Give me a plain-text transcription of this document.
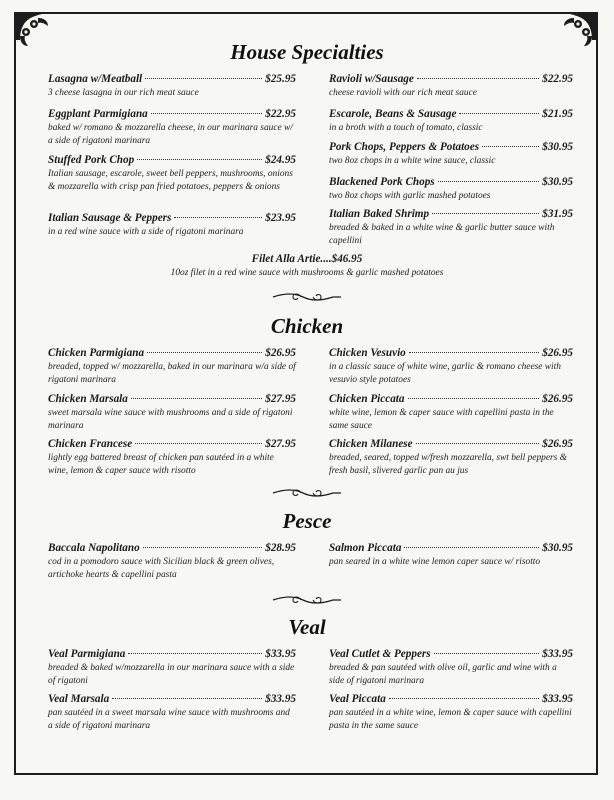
House Specialties
Lasagna w/Meatball	$25.95
3 cheese lasagna in our rich meat sauce
Eggplant Parmigiana	$22.95
baked w/ romano & mozzarella cheese, in our marinara sauce w/ a side of rigatoni marinara
Stuffed Pork Chop	$24.95
Italian sausage, escarole, sweet bell peppers, mushrooms, onions & mozzarella with crisp pan fried potatoes, peppers & onions
Italian Sausage & Peppers	$23.95
in a red wine sauce with a side of rigatoni marinara
Ravioli w/Sausage	$22.95
cheese ravioli with our rich meat sauce
Escarole, Beans & Sausage	$21.95
in a broth with a touch of tomato, classic
Pork Chops, Peppers & Potatoes	$30.95
two 8oz chops in a white wine sauce, classic
Blackened Pork Chops	$30.95
two 8oz chops with garlic mashed potatoes
Italian Baked Shrimp	$31.95
breaded & baked in a white wine & garlic butter sauce with capellini
Filet Alla Artie....$46.95
10oz filet in a red wine sauce with mushrooms & garlic mashed potatoes
Chicken
Chicken Parmigiana	$26.95
breaded, topped w/ mozzarella, baked in our marinara w/a side of rigatoni marinara
Chicken Marsala	$27.95
sweet marsala wine sauce with mushrooms and a side of rigatoni marinara
Chicken Francese	$27.95
lightly egg battered breast of chicken pan sautéed in a white wine, lemon & caper sauce with risotto
Chicken Vesuvio	$26.95
in a classic sauce of white wine, garlic & romano cheese with vesuvio style potatoes
Chicken Piccata	$26.95
white wine, lemon & caper sauce with capellini pasta in the same sauce
Chicken Milanese	$26.95
breaded, seared, topped w/fresh mozzarella, swt bell peppers & fresh basil, slivered garlic pan au jus
Pesce
Baccala Napolitano	$28.95
cod in a pomodoro sauce with Sicilian black & green olives, artichoke hearts & capellini pasta
Salmon Piccata	$30.95
pan seared in a white wine lemon caper sauce w/ risotto
Veal
Veal Parmigiana	$33.95
breaded & baked w/mozzarella in our marinara sauce with a side of rigatoni
Veal Marsala	$33.95
pan sautéed in a sweet marsala wine sauce with mushrooms and a side of rigatoni marinara
Veal Cutlet & Peppers	$33.95
breaded & pan sautéed with olive oil, garlic and wine with a side of rigatoni marinara
Veal Piccata	$33.95
pan sautéed in a white wine, lemon & caper sauce with capellini pasta in the same sauce
